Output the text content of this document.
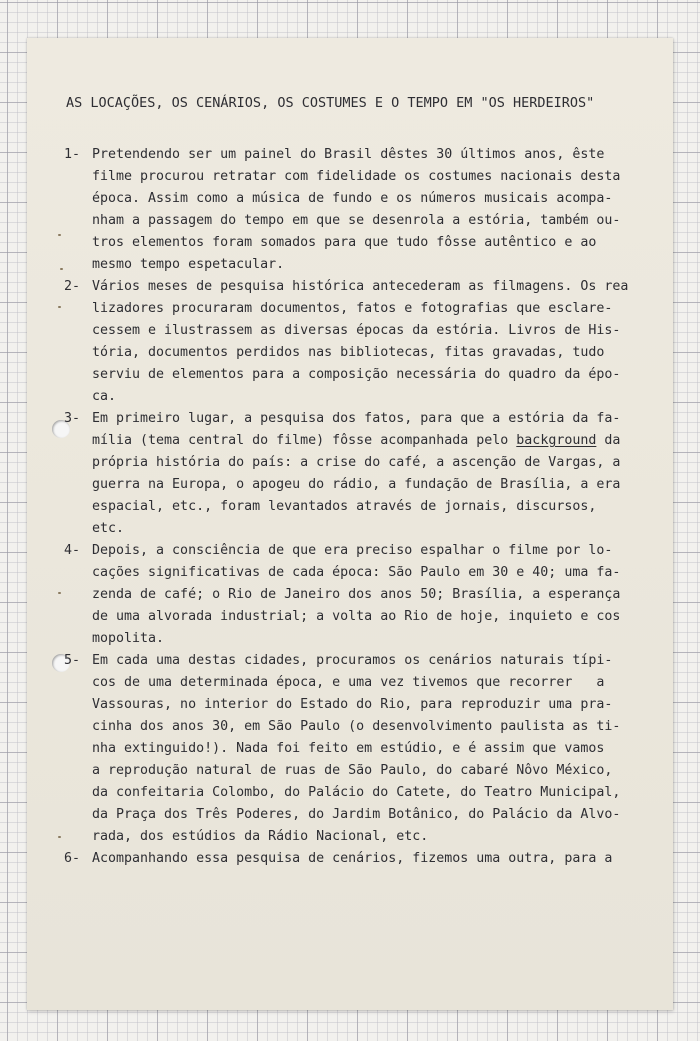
AS LOCAÇÕES, OS CENÁRIOS, OS COSTUMES E O TEMPO EM "OS HERDEIROS"
1- Pretendendo ser um painel do Brasil dêstes 30 últimos anos, êste
filme procurou retratar com fidelidade os costumes nacionais desta
época. Assim como a música de fundo e os números musicais acompa-
nham a passagem do tempo em que se desenrola a estória, também ou-
tros elementos foram somados para que tudo fôsse autêntico e ao
mesmo tempo espetacular.
2- Vários meses de pesquisa histórica antecederam as filmagens. Os rea
lizadores procuraram documentos, fatos e fotografias que esclare-
cessem e ilustrassem as diversas épocas da estória. Livros de His-
tória, documentos perdidos nas bibliotecas, fitas gravadas, tudo
serviu de elementos para a composição necessária do quadro da épo-
ca.
3- Em primeiro lugar, a pesquisa dos fatos, para que a estória da fa-
mília (tema central do filme) fôsse acompanhada pelo background da
própria história do país: a crise do café, a ascenção de Vargas, a
guerra na Europa, o apogeu do rádio, a fundação de Brasília, a era
espacial, etc., foram levantados através de jornais, discursos,
etc.
4- Depois, a consciência de que era preciso espalhar o filme por lo-
cações significativas de cada época: São Paulo em 30 e 40; uma fa-
zenda de café; o Rio de Janeiro dos anos 50; Brasília, a esperança
de uma alvorada industrial; a volta ao Rio de hoje, inquieto e cos
mopolita.
5- Em cada uma destas cidades, procuramos os cenários naturais típi-
cos de uma determinada época, e uma vez tivemos que recorrer   a
Vassouras, no interior do Estado do Rio, para reproduzir uma pra-
cinha dos anos 30, em São Paulo (o desenvolvimento paulista as ti-
nha extinguido!). Nada foi feito em estúdio, e é assim que vamos
a reprodução natural de ruas de São Paulo, do cabaré Nôvo México,
da confeitaria Colombo, do Palácio do Catete, do Teatro Municipal,
da Praça dos Três Poderes, do Jardim Botânico, do Palácio da Alvo-
rada, dos estúdios da Rádio Nacional, etc.
6- Acompanhando essa pesquisa de cenários, fizemos uma outra, para a
